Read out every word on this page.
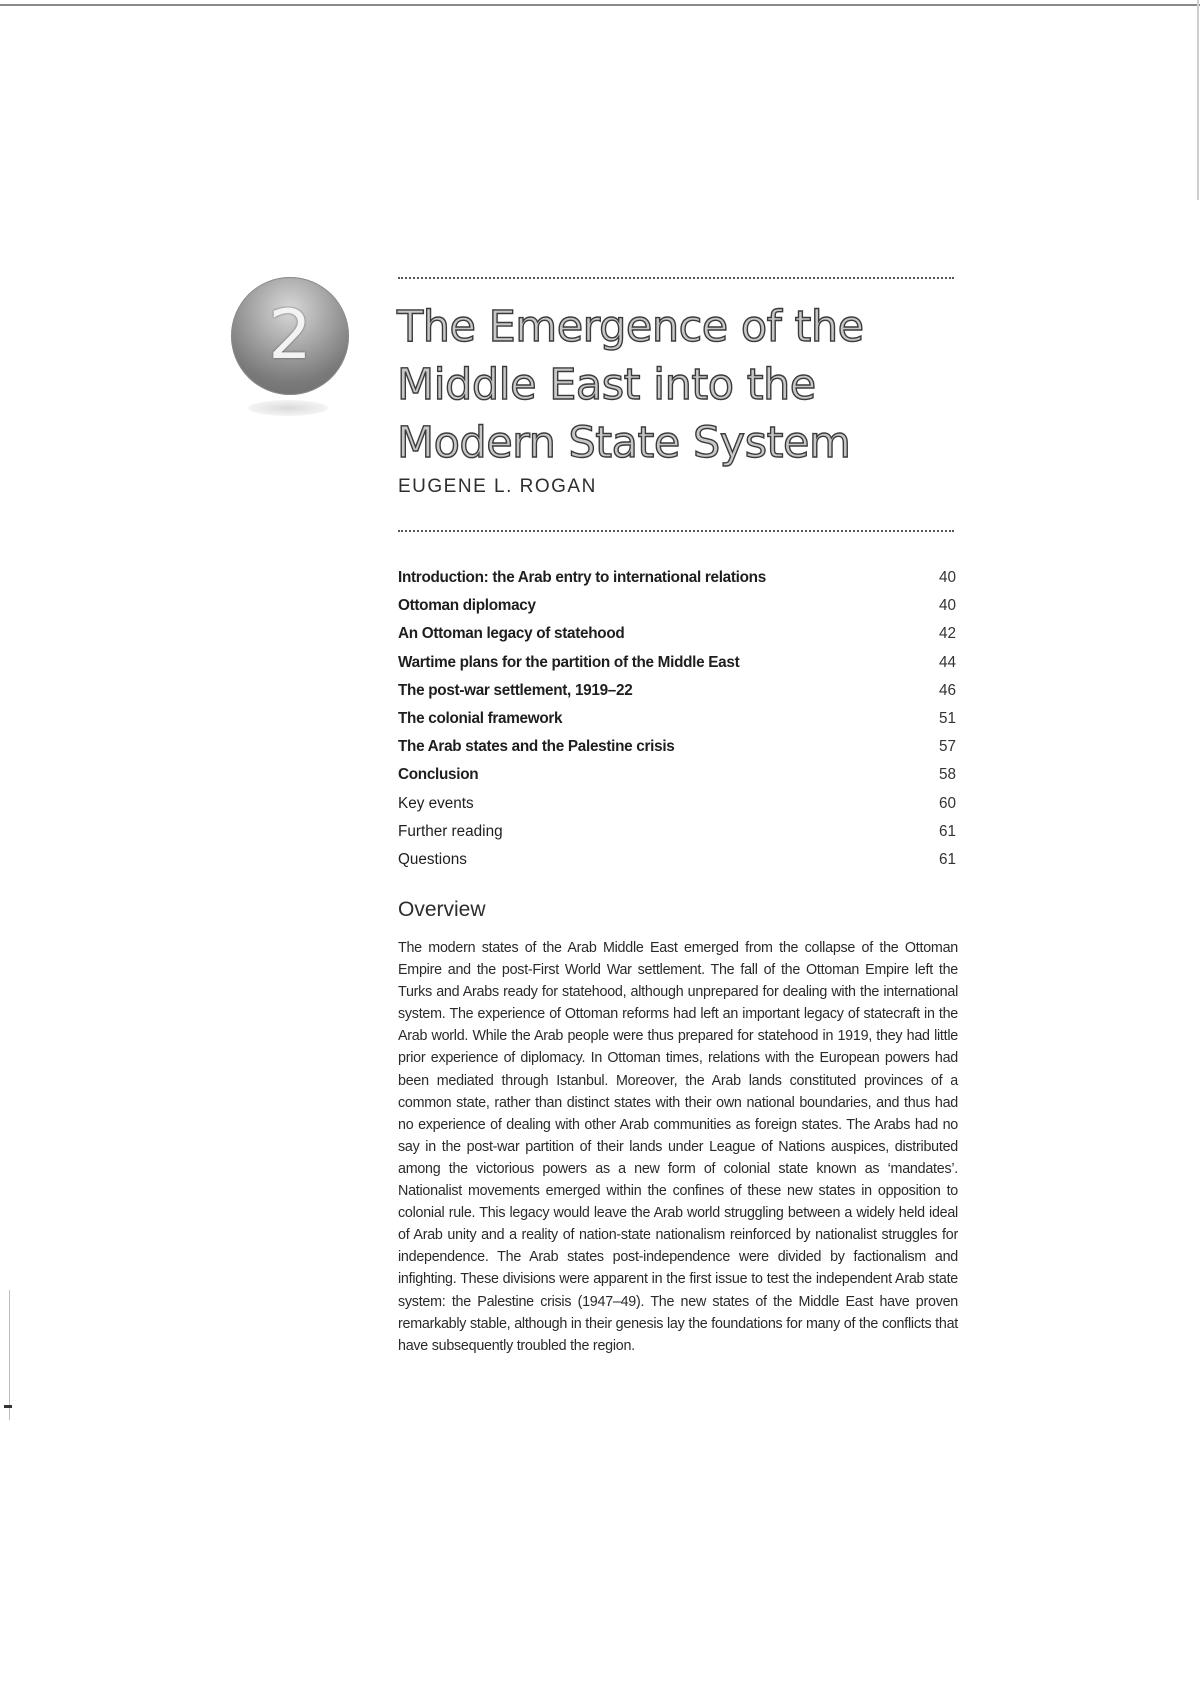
2	The Emergence of the
Middle East into the
Modern State System
EUGENE L. ROGAN
Introduction: the Arab entry to international relations	40
Ottoman diplomacy	40
An Ottoman legacy of statehood	42
Wartime plans for the partition of the Middle East	44
The post-war settlement, 1919–22	46
The colonial framework	51
The Arab states and the Palestine crisis	57
Conclusion	58
Key events	60
Further reading	61
Questions	61
Overview

The modern states of the Arab Middle East emerged from the collapse of the Ottoman Empire and the post-First World War settlement. The fall of the Ottoman Empire left the Turks and Arabs ready for statehood, although unprepared for dealing with the international system. The experience of Ottoman reforms had left an important legacy of statecraft in the Arab world. While the Arab people were thus prepared for statehood in 1919, they had little prior experience of diplomacy. In Ottoman times, relations with the European powers had been mediated through Istanbul. Moreover, the Arab lands constituted provinces of a common state, rather than distinct states with their own national boundaries, and thus had no experience of dealing with other Arab communities as foreign states. The Arabs had no say in the post-war partition of their lands under League of Nations auspices, distributed among the victorious powers as a new form of colonial state known as ‘mandates’. Nationalist movements emerged within the confines of these new states in opposition to colonial rule. This legacy would leave the Arab world struggling between a widely held ideal of Arab unity and a reality of nation-state nationalism reinforced by nationalist struggles for independence. The Arab states post-independence were divided by factionalism and infighting. These divisions were apparent in the first issue to test the independent Arab state system: the Palestine crisis (1947–49). The new states of the Middle East have proven remarkably stable, although in their genesis lay the foundations for many of the conflicts that have subsequently troubled the region.
